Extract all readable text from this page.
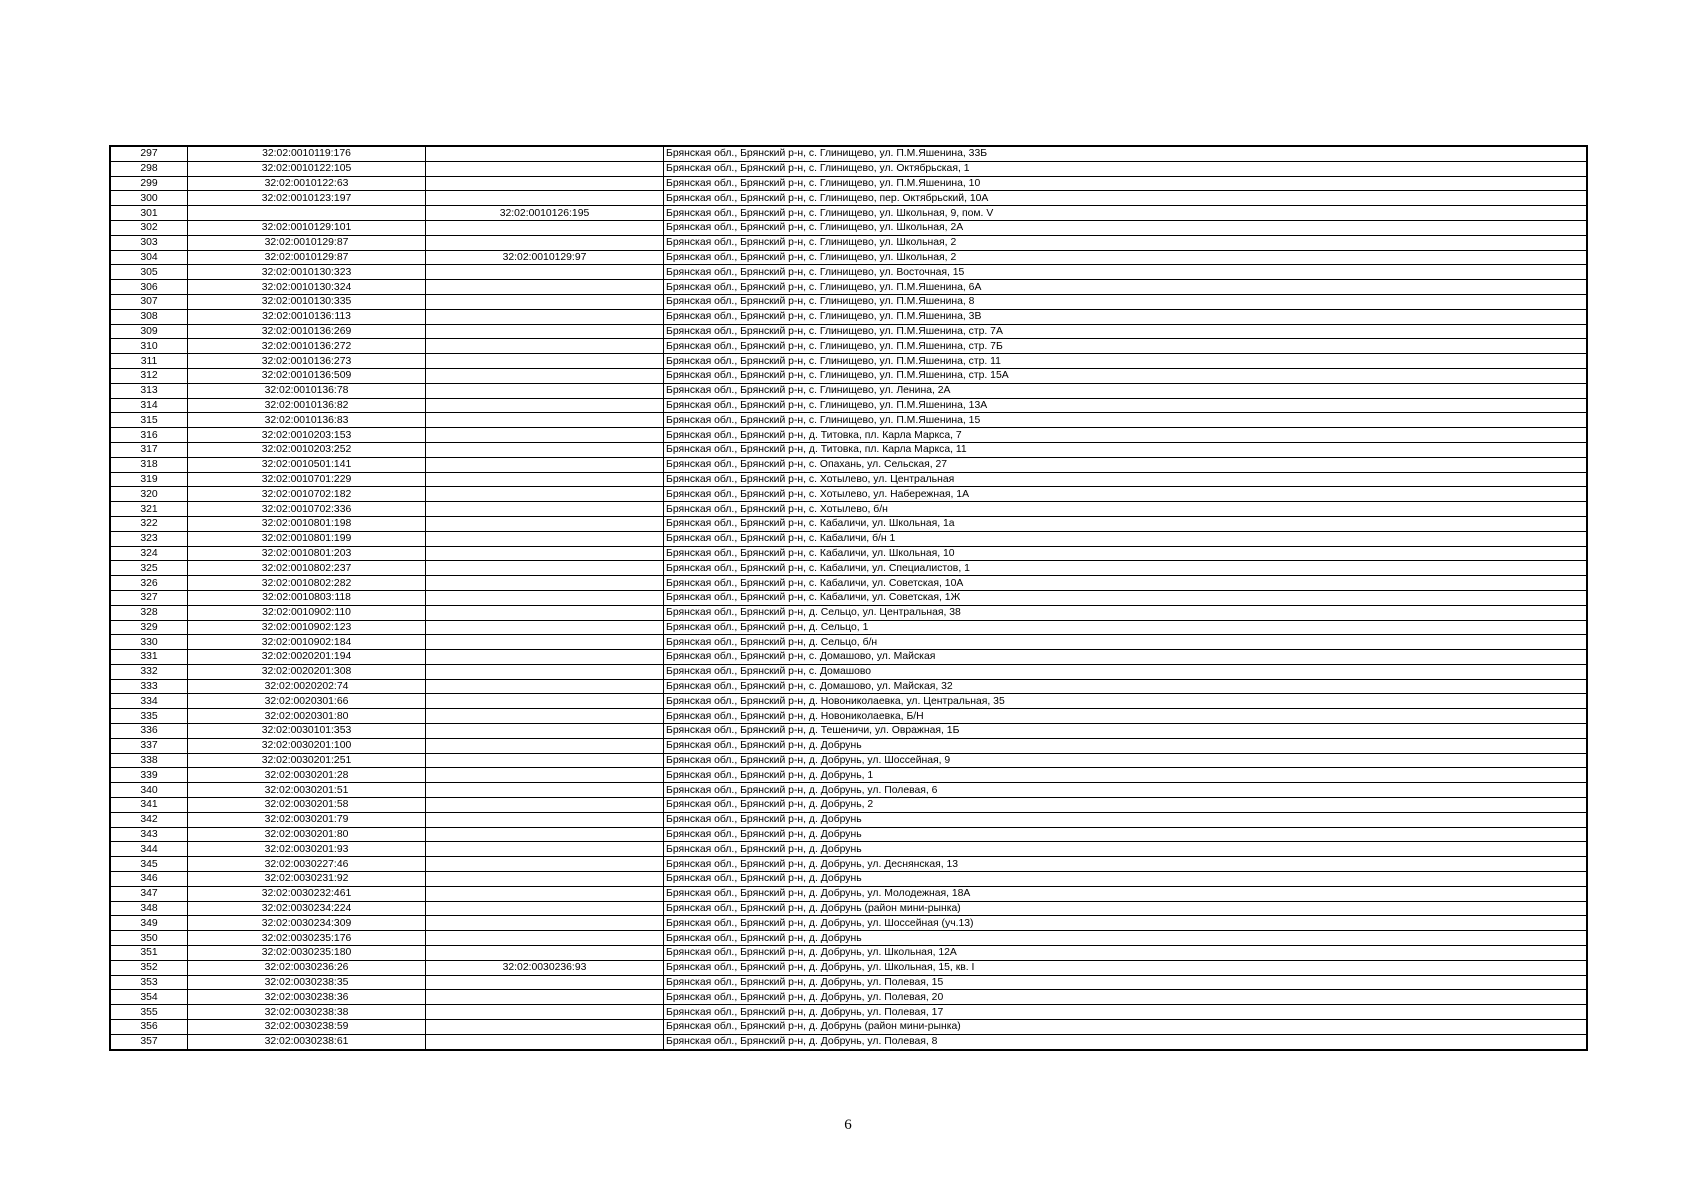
297	32:02:0010119:176		Брянская обл., Брянский р-н, с. Глинищево, ул. П.М.Яшенина, 33Б
298	32:02:0010122:105		Брянская обл., Брянский р-н, с. Глинищево, ул. Октябрьская, 1
299	32:02:0010122:63		Брянская обл., Брянский р-н, с. Глинищево, ул. П.М.Яшенина, 10
300	32:02:0010123:197		Брянская обл., Брянский р-н, с. Глинищево, пер. Октябрьский, 10А
301		32:02:0010126:195	Брянская обл., Брянский р-н, с. Глинищево, ул. Школьная, 9, пом. V
302	32:02:0010129:101		Брянская обл., Брянский р-н, с. Глинищево, ул. Школьная, 2А
303	32:02:0010129:87		Брянская обл., Брянский р-н, с. Глинищево, ул. Школьная, 2
304	32:02:0010129:87	32:02:0010129:97	Брянская обл., Брянский р-н, с. Глинищево, ул. Школьная, 2
305	32:02:0010130:323		Брянская обл., Брянский р-н, с. Глинищево, ул. Восточная, 15
306	32:02:0010130:324		Брянская обл., Брянский р-н, с. Глинищево, ул. П.М.Яшенина, 6А
307	32:02:0010130:335		Брянская обл., Брянский р-н, с. Глинищево, ул. П.М.Яшенина, 8
308	32:02:0010136:113		Брянская обл., Брянский р-н, с. Глинищево, ул. П.М.Яшенина, 3В
309	32:02:0010136:269		Брянская обл., Брянский р-н, с. Глинищево, ул. П.М.Яшенина, стр. 7А
310	32:02:0010136:272		Брянская обл., Брянский р-н, с. Глинищево, ул. П.М.Яшенина, стр. 7Б
311	32:02:0010136:273		Брянская обл., Брянский р-н, с. Глинищево, ул. П.М.Яшенина, стр. 11
312	32:02:0010136:509		Брянская обл., Брянский р-н, с. Глинищево, ул. П.М.Яшенина, стр. 15А
313	32:02:0010136:78		Брянская обл., Брянский р-н, с. Глинищево, ул. Ленина, 2А
314	32:02:0010136:82		Брянская обл., Брянский р-н, с. Глинищево, ул. П.М.Яшенина, 13А
315	32:02:0010136:83		Брянская обл., Брянский р-н, с. Глинищево, ул. П.М.Яшенина, 15
316	32:02:0010203:153		Брянская обл., Брянский р-н, д. Титовка, пл. Карла Маркса, 7
317	32:02:0010203:252		Брянская обл., Брянский р-н, д. Титовка, пл. Карла Маркса, 11
318	32:02:0010501:141		Брянская обл., Брянский р-н, с. Опахань, ул. Сельская, 27
319	32:02:0010701:229		Брянская обл., Брянский р-н, с. Хотылево, ул. Центральная
320	32:02:0010702:182		Брянская обл., Брянский р-н, с. Хотылево, ул. Набережная, 1А
321	32:02:0010702:336		Брянская обл., Брянский р-н, с. Хотылево, б/н
322	32:02:0010801:198		Брянская обл., Брянский р-н, с. Кабаличи, ул. Школьная, 1а
323	32:02:0010801:199		Брянская обл., Брянский р-н, с. Кабаличи, б/н 1
324	32:02:0010801:203		Брянская обл., Брянский р-н, с. Кабаличи, ул. Школьная, 10
325	32:02:0010802:237		Брянская обл., Брянский р-н, с. Кабаличи, ул. Специалистов, 1
326	32:02:0010802:282		Брянская обл., Брянский р-н, с. Кабаличи, ул. Советская, 10А
327	32:02:0010803:118		Брянская обл., Брянский р-н, с. Кабаличи, ул. Советская, 1Ж
328	32:02:0010902:110		Брянская обл., Брянский р-н, д. Сельцо, ул. Центральная, 38
329	32:02:0010902:123		Брянская обл., Брянский р-н, д. Сельцо, 1
330	32:02:0010902:184		Брянская обл., Брянский р-н, д. Сельцо, б/н
331	32:02:0020201:194		Брянская обл., Брянский р-н, с. Домашово, ул. Майская
332	32:02:0020201:308		Брянская обл., Брянский р-н, с. Домашово
333	32:02:0020202:74		Брянская обл., Брянский р-н, с. Домашово, ул. Майская, 32
334	32:02:0020301:66		Брянская обл., Брянский р-н, д. Новониколаевка, ул. Центральная, 35
335	32:02:0020301:80		Брянская обл., Брянский р-н, д. Новониколаевка, Б/Н
336	32:02:0030101:353		Брянская обл., Брянский р-н, д. Тешеничи, ул. Овражная, 1Б
337	32:02:0030201:100		Брянская обл., Брянский р-н, д. Добрунь
338	32:02:0030201:251		Брянская обл., Брянский р-н, д. Добрунь, ул. Шоссейная, 9
339	32:02:0030201:28		Брянская обл., Брянский р-н, д. Добрунь, 1
340	32:02:0030201:51		Брянская обл., Брянский р-н, д. Добрунь, ул. Полевая, 6
341	32:02:0030201:58		Брянская обл., Брянский р-н, д. Добрунь, 2
342	32:02:0030201:79		Брянская обл., Брянский р-н, д. Добрунь
343	32:02:0030201:80		Брянская обл., Брянский р-н, д. Добрунь
344	32:02:0030201:93		Брянская обл., Брянский р-н, д. Добрунь
345	32:02:0030227:46		Брянская обл., Брянский р-н, д. Добрунь, ул. Деснянская, 13
346	32:02:0030231:92		Брянская обл., Брянский р-н, д. Добрунь
347	32:02:0030232:461		Брянская обл., Брянский р-н, д. Добрунь, ул. Молодежная, 18А
348	32:02:0030234:224		Брянская обл., Брянский р-н, д. Добрунь (район мини-рынка)
349	32:02:0030234:309		Брянская обл., Брянский р-н, д. Добрунь, ул. Шоссейная (уч.13)
350	32:02:0030235:176		Брянская обл., Брянский р-н, д. Добрунь
351	32:02:0030235:180		Брянская обл., Брянский р-н, д. Добрунь, ул. Школьная, 12А
352	32:02:0030236:26	32:02:0030236:93	Брянская обл., Брянский р-н, д. Добрунь, ул. Школьная, 15, кв. I
353	32:02:0030238:35		Брянская обл., Брянский р-н, д. Добрунь, ул. Полевая, 15
354	32:02:0030238:36		Брянская обл., Брянский р-н, д. Добрунь, ул. Полевая, 20
355	32:02:0030238:38		Брянская обл., Брянский р-н, д. Добрунь, ул. Полевая, 17
356	32:02:0030238:59		Брянская обл., Брянский р-н, д. Добрунь (район мини-рынка)
357	32:02:0030238:61		Брянская обл., Брянский р-н, д. Добрунь, ул. Полевая, 8
6
